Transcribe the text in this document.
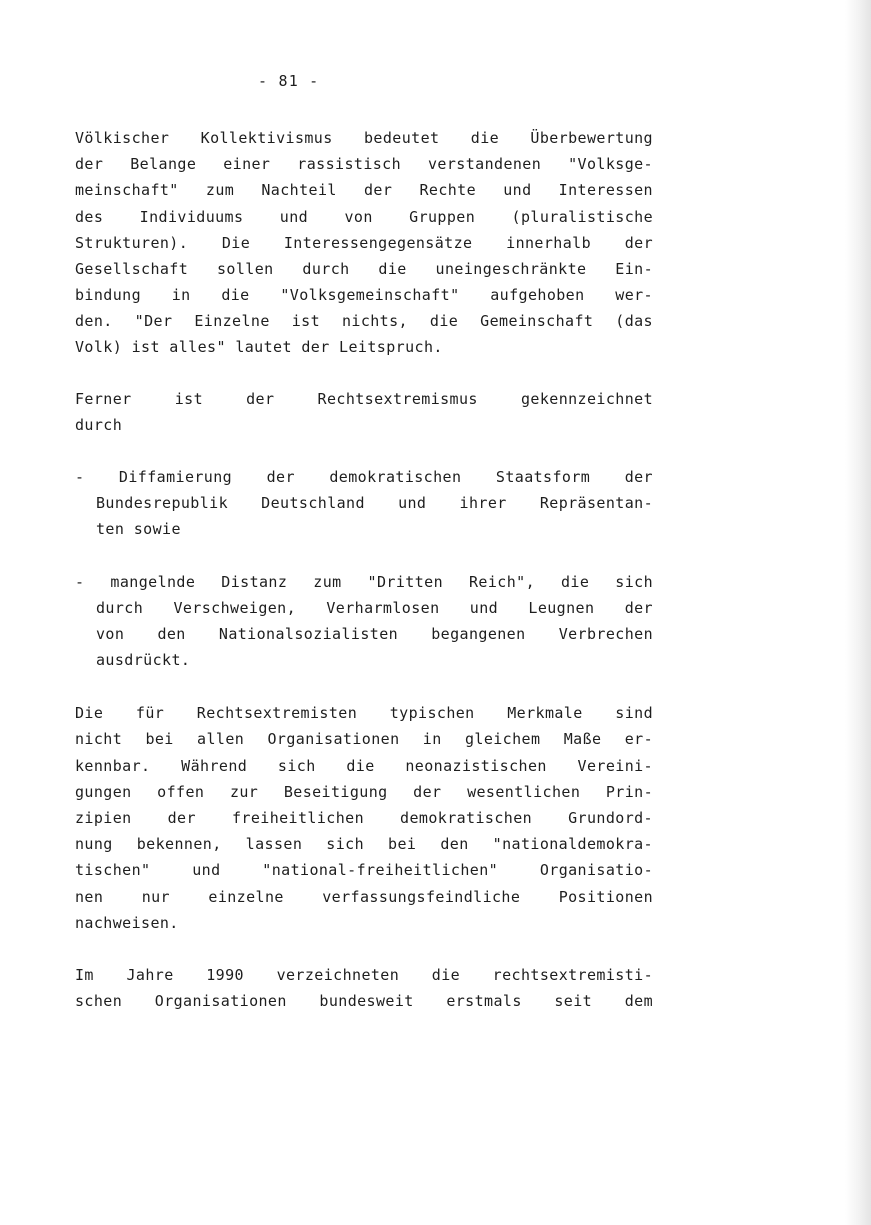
- 81 -
Völkischer Kollektivismus bedeutet die Überbewertung
der Belange einer rassistisch verstandenen "Volksge-
meinschaft" zum Nachteil der Rechte und Interessen
des Individuums und von Gruppen (pluralistische
Strukturen). Die Interessengegensätze innerhalb der
Gesellschaft sollen durch die uneingeschränkte Ein-
bindung in die "Volksgemeinschaft" aufgehoben wer-
den. "Der Einzelne ist nichts, die Gemeinschaft (das
Volk) ist alles" lautet der Leitspruch.
Ferner ist der Rechtsextremismus gekennzeichnet
durch
- Diffamierung der demokratischen Staatsform der
Bundesrepublik Deutschland und ihrer Repräsentan-
ten sowie
- mangelnde Distanz zum "Dritten Reich", die sich
durch Verschweigen, Verharmlosen und Leugnen der
von den Nationalsozialisten begangenen Verbrechen
ausdrückt.
Die für Rechtsextremisten typischen Merkmale sind
nicht bei allen Organisationen in gleichem Maße er-
kennbar. Während sich die neonazistischen Vereini-
gungen offen zur Beseitigung der wesentlichen Prin-
zipien der freiheitlichen demokratischen Grundord-
nung bekennen, lassen sich bei den "nationaldemokra-
tischen" und "national-freiheitlichen" Organisatio-
nen nur einzelne verfassungsfeindliche Positionen
nachweisen.
Im Jahre 1990 verzeichneten die rechtsextremisti-
schen Organisationen bundesweit erstmals seit dem
